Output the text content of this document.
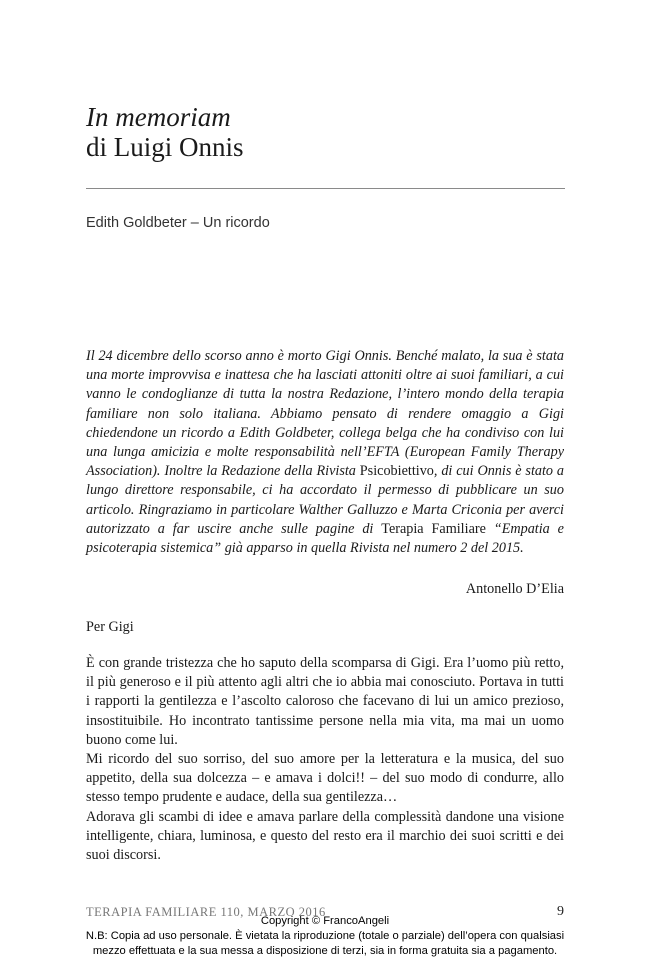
In memoriam
di Luigi Onnis
Edith Goldbeter – Un ricordo

Il 24 dicembre dello scorso anno è morto Gigi Onnis. Benché malato, la sua è stata una morte improvvisa e inattesa che ha lasciati attoniti oltre ai suoi familiari, a cui vanno le condoglianze di tutta la nostra Redazione, l’intero mondo della terapia familiare non solo italiana. Abbiamo pensato di rendere omaggio a Gigi chiedendone un ricordo a Edith Goldbeter, collega belga che ha condiviso con lui una lunga amicizia e molte responsabilità nell’EFTA (European Family Therapy Association). Inoltre la Redazione della Rivista Psicobiettivo, di cui Onnis è stato a lungo direttore responsabile, ci ha accordato il permesso di pubblicare un suo articolo. Ringraziamo in particolare Walther Galluzzo e Marta Criconia per averci autorizzato a far uscire anche sulle pagine di Terapia Familiare “Empatia e psicoterapia sistemica” già apparso in quella Rivista nel numero 2 del 2015.

Antonello D’Elia
Per Gigi

È con grande tristezza che ho saputo della scomparsa di Gigi. Era l’uomo più retto, il più generoso e il più attento agli altri che io abbia mai conosciuto. Portava in tutti i rapporti la gentilezza e l’ascolto caloroso che facevano di lui un amico prezioso, insostituibile. Ho incontrato tantissime persone nella mia vita, ma mai un uomo buono come lui.

Mi ricordo del suo sorriso, del suo amore per la letteratura e la musica, del suo appetito, della sua dolcezza – e amava i dolci!! – del suo modo di condurre, allo stesso tempo prudente e audace, della sua gentilezza…

Adorava gli scambi di idee e amava parlare della complessità dandone una visione intelligente, chiara, luminosa, e questo del resto era il marchio dei suoi scritti e dei suoi discorsi.

TERAPIA FAMILIARE 110, MARZO 2016	9
Copyright © FrancoAngeli
N.B: Copia ad uso personale. È vietata la riproduzione (totale o parziale) dell’opera con qualsiasi
mezzo effettuata e la sua messa a disposizione di terzi, sia in forma gratuita sia a pagamento.
